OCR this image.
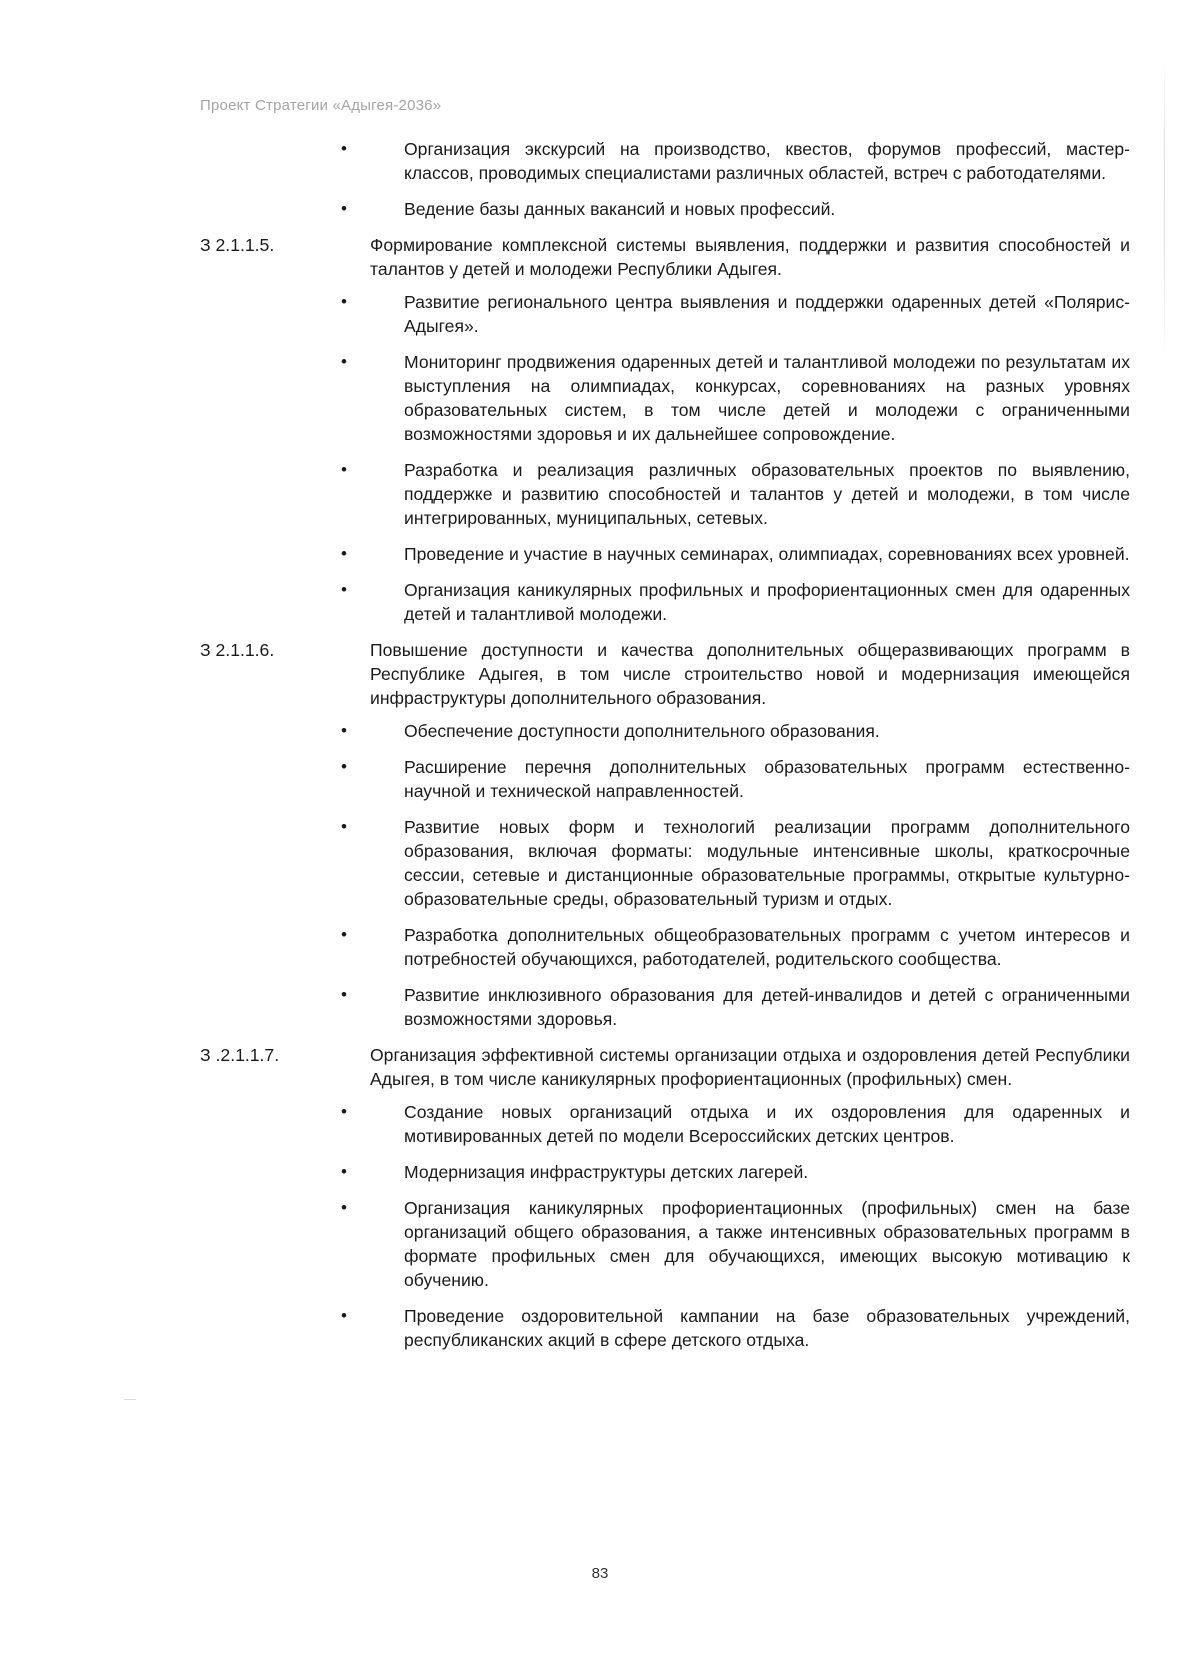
Проект Стратегии «Адыгея-2036»
•	Организация экскурсий на производство, квестов, форумов профессий, мастер-классов, проводимых специалистами различных областей, встреч с работодателями.
•	Ведение базы данных вакансий и новых профессий.
З 2.1.1.5.	Формирование комплексной системы выявления, поддержки и развития способностей и талантов у детей и молодежи Республики Адыгея.
•	Развитие регионального центра выявления и поддержки одаренных детей «Полярис-Адыгея».
•	Мониторинг продвижения одаренных детей и талантливой молодежи по результатам их выступления на олимпиадах, конкурсах, соревнованиях на разных уровнях образовательных систем, в том числе детей и молодежи с ограниченными возможностями здоровья и их дальнейшее сопровождение.
•	Разработка и реализация различных образовательных проектов по выявлению, поддержке и развитию способностей и талантов у детей и молодежи, в том числе интегрированных, муниципальных, сетевых.
•	Проведение и участие в научных семинарах, олимпиадах, соревнованиях всех уровней.
•	Организация каникулярных профильных и профориентационных смен для одаренных детей и талантливой молодежи.
З 2.1.1.6.	Повышение доступности и качества дополнительных общеразвивающих программ в Республике Адыгея, в том числе строительство новой и модернизация имеющейся инфраструктуры дополнительного образования.
•	Обеспечение доступности дополнительного образования.
•	Расширение перечня дополнительных образовательных программ естественно-научной и технической направленностей.
•	Развитие новых форм и технологий реализации программ дополнительного образования, включая форматы: модульные интенсивные школы, краткосрочные сессии, сетевые и дистанционные образовательные программы, открытые культурно-образовательные среды, образовательный туризм и отдых.
•	Разработка дополнительных общеобразовательных программ с учетом интересов и потребностей обучающихся, работодателей, родительского сообщества.
•	Развитие инклюзивного образования для детей-инвалидов и детей с ограниченными возможностями здоровья.
З .2.1.1.7.	Организация эффективной системы организации отдыха и оздоровления детей Республики Адыгея, в том числе каникулярных профориентационных (профильных) смен.
•	Создание новых организаций отдыха и их оздоровления для одаренных и мотивированных детей по модели Всероссийских детских центров.
•	Модернизация инфраструктуры детских лагерей.
•	Организация каникулярных профориентационных (профильных) смен на базе организаций общего образования, а также интенсивных образовательных программ в формате профильных смен для обучающихся, имеющих высокую мотивацию к обучению.
•	Проведение оздоровительной кампании на базе образовательных учреждений, республиканских акций в сфере детского отдыха.
83
